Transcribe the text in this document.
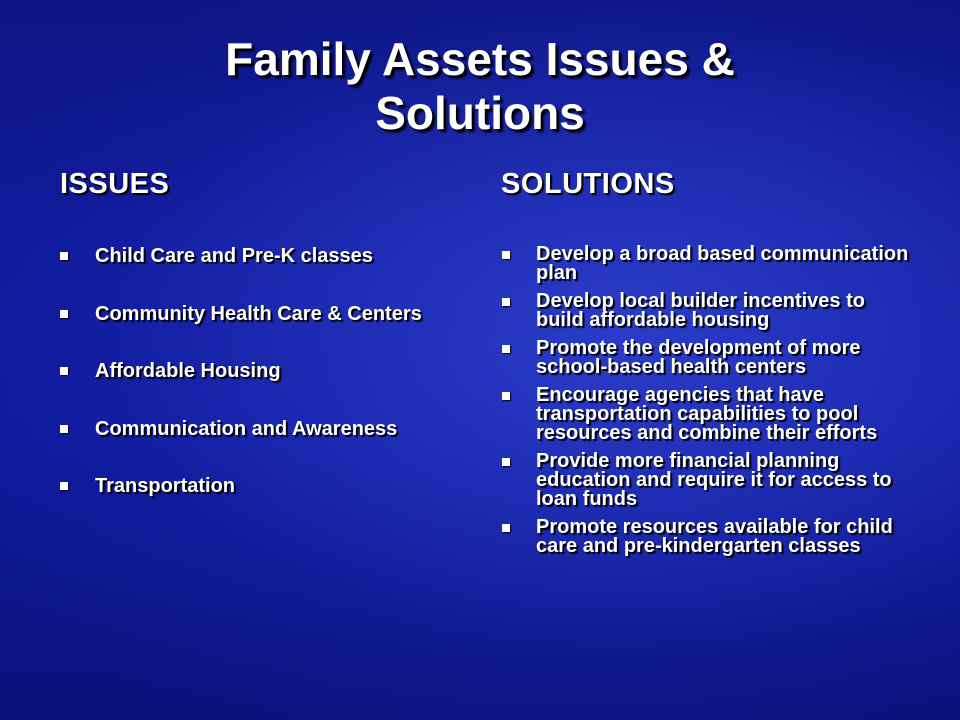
Family Assets Issues &
Solutions
ISSUES	SOLUTIONS
Child Care and Pre-K classes
Community Health Care & Centers
Affordable Housing
Communication and Awareness
Transportation
Develop a broad based communication plan
Develop local builder incentives to build affordable housing
Promote the development of more school-based health centers
Encourage agencies that have transportation capabilities to pool resources and combine their efforts
Provide more financial planning education and require it for access to loan funds
Promote resources available for child care and pre-kindergarten classes
